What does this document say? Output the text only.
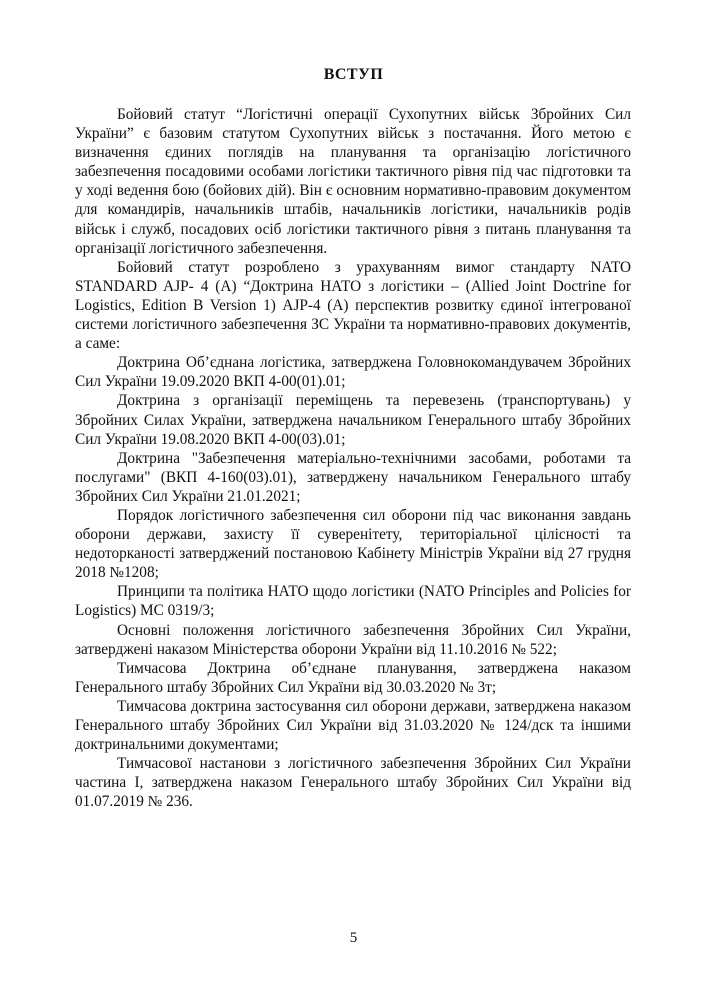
ВСТУП

Бойовий статут “Логістичні операції Сухопутних військ Збройних Сил України” є базовим статутом Сухопутних військ з постачання. Його метою є визначення єдиних поглядів на планування та організацію логістичного забезпечення посадовими особами логістики тактичного рівня під час підготовки та у ході ведення бою (бойових дій). Він є основним нормативно-правовим документом для командирів, начальників штабів, начальників логістики, начальників родів військ і служб, посадових осіб логістики тактичного рівня з питань планування та організації логістичного забезпечення.

Бойовий статут розроблено з урахуванням вимог стандарту NATO STANDARD AJP- 4 (A) “Доктрина НАТО з логістики – (Allied Joint Doctrine for Logistics, Edition B Version 1) AJP-4 (A) перспектив розвитку єдиної інтегрованої системи логістичного забезпечення ЗС України та нормативно-правових документів, а саме:

Доктрина Об’єднана логістика, затверджена Головнокомандувачем Збройних Сил України 19.09.2020 ВКП 4-00(01).01;

Доктрина з організації переміщень та перевезень (транспортувань) у Збройних Силах України, затверджена начальником Генерального штабу Збройних Сил України 19.08.2020 ВКП 4-00(03).01;

Доктрина "Забезпечення матеріально-технічними засобами, роботами та послугами" (ВКП 4-160(03).01), затверджену начальником Генерального штабу Збройних Сил України 21.01.2021;

Порядок логістичного забезпечення сил оборони під час виконання завдань оборони держави, захисту її суверенітету, територіальної цілісності та недоторканості затверджений постановою Кабінету Міністрів України від 27 грудня 2018 №1208;

Принципи та політика НАТО щодо логістики (NATO Principles and Policies for Logistics) MC 0319/3;

Основні положення логістичного забезпечення Збройних Сил України, затверджені наказом Міністерства оборони України від 11.10.2016 № 522;

Тимчасова Доктрина об’єднане планування, затверджена наказом Генерального штабу Збройних Сил України від 30.03.2020 № 3т;

Тимчасова доктрина застосування сил оборони держави, затверджена наказом Генерального штабу Збройних Сил України від 31.03.2020 № 124/дск та іншими доктринальними документами;

Тимчасової настанови з логістичного забезпечення Збройних Сил України частина І, затверджена наказом Генерального штабу Збройних Сил України від 01.07.2019 № 236.

5
